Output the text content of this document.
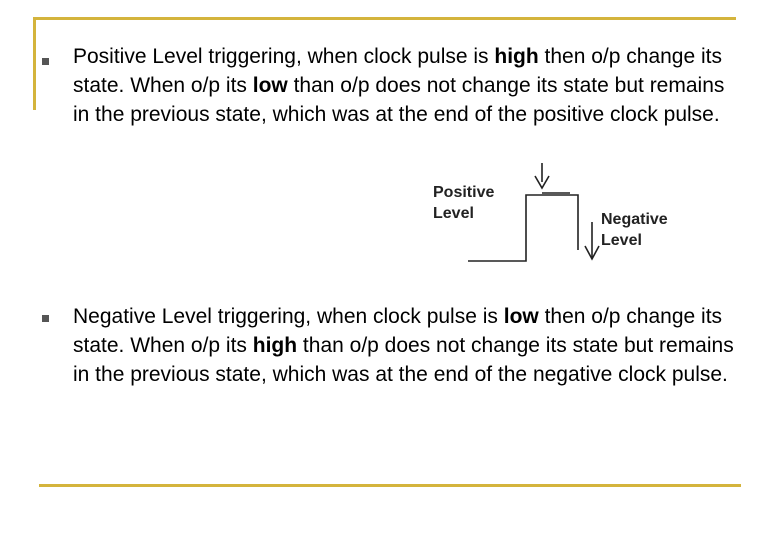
Positive Level triggering, when clock pulse is high then o/p change its state. When o/p its low than o/p does not change its state but remains in the previous state, which was at the end of the positive clock pulse.

Positive
Level	Negative
Level

Negative Level triggering, when clock pulse is low then o/p change its state. When o/p its high than o/p does not change its state but remains in the previous state, which was at the end of the negative clock pulse.
